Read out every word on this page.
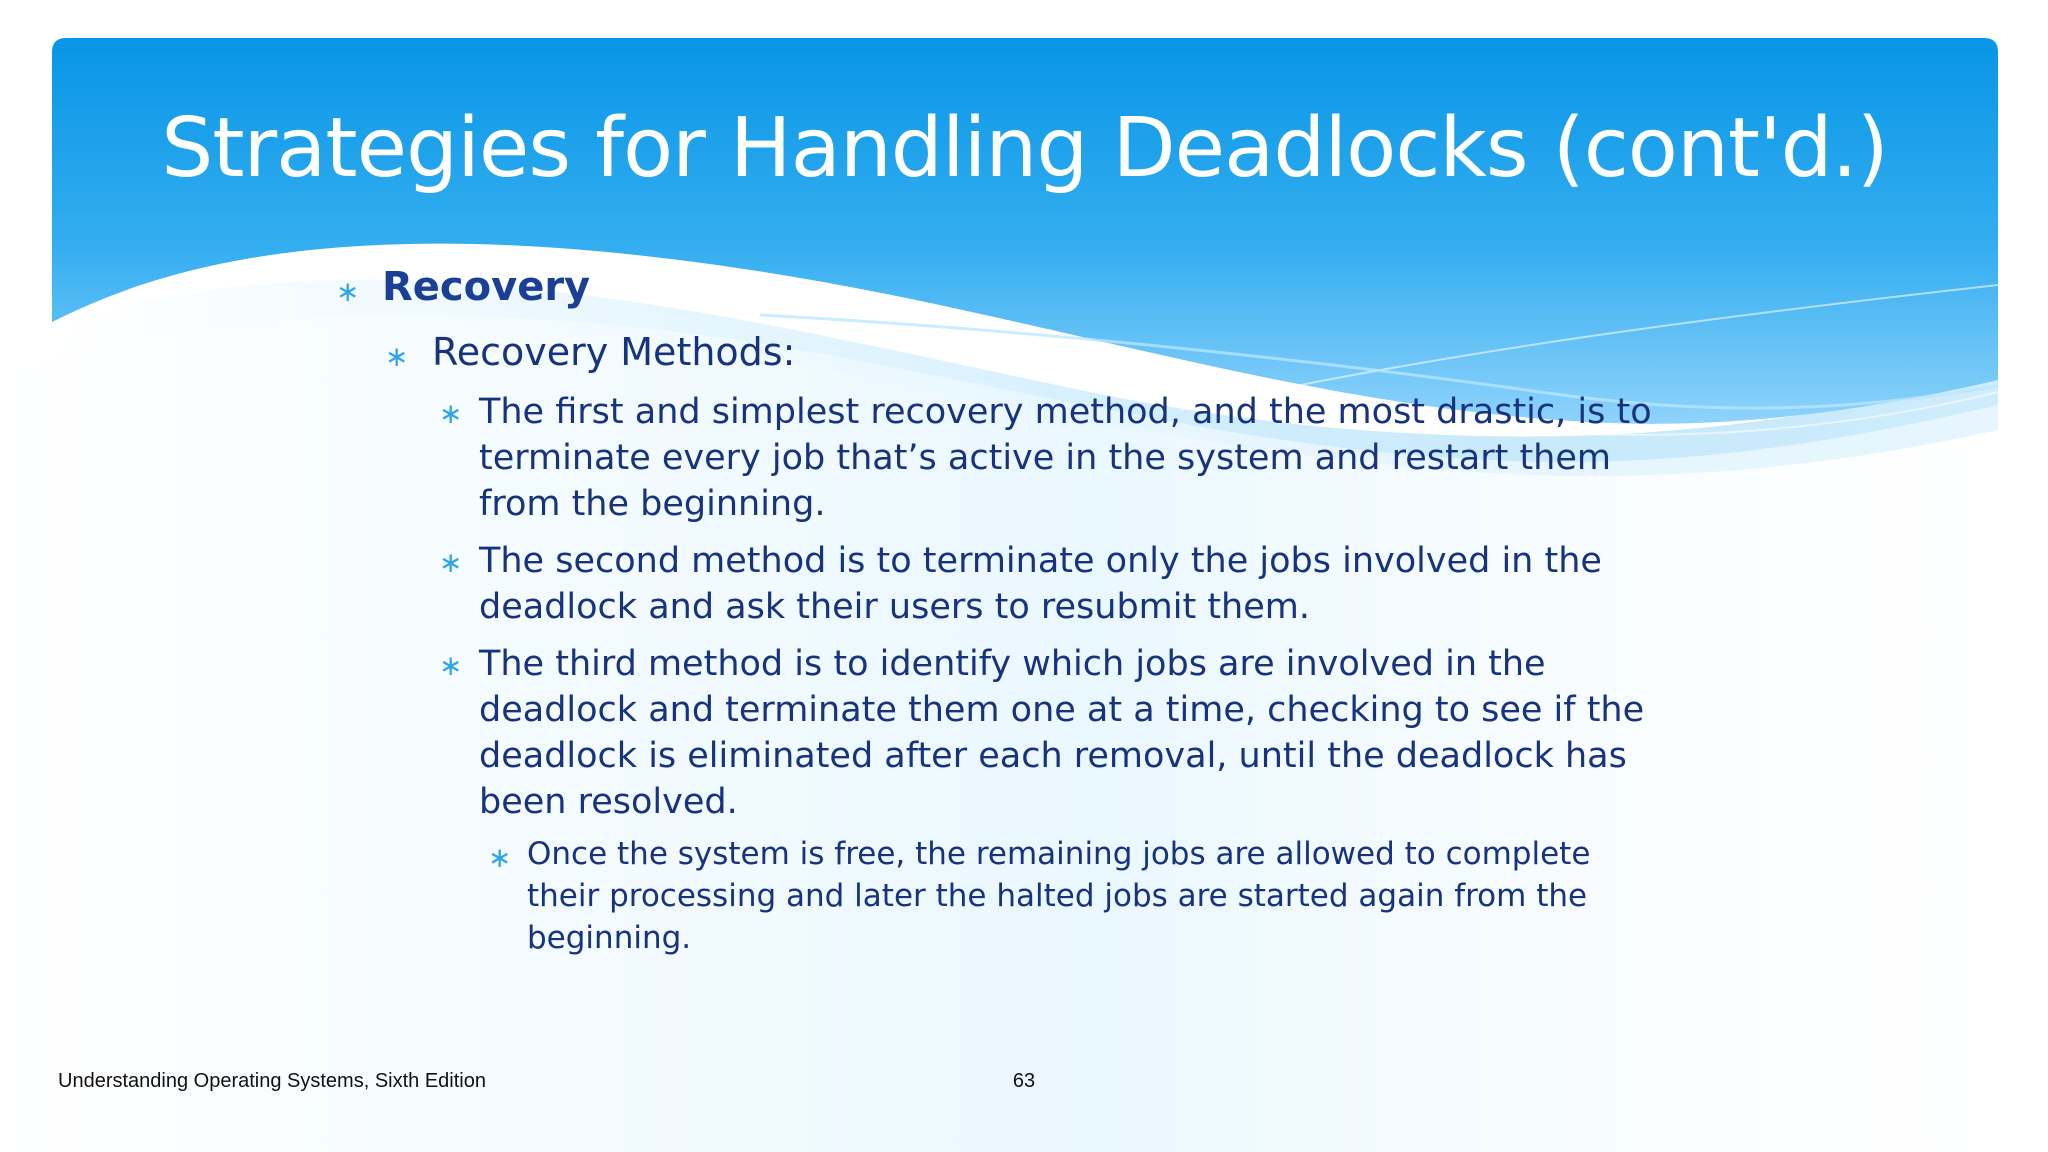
Strategies for Handling Deadlocks (cont'd.)
∗ Recovery
∗ Recovery Methods:
∗ The first and simplest recovery method, and the most drastic, is to
terminate every job that’s active in the system and restart them
from the beginning.
∗ The second method is to terminate only the jobs involved in the
deadlock and ask their users to resubmit them.
∗ The third method is to identify which jobs are involved in the
deadlock and terminate them one at a time, checking to see if the
deadlock is eliminated after each removal, until the deadlock has
been resolved.
∗ Once the system is free, the remaining jobs are allowed to complete
their processing and later the halted jobs are started again from the
beginning.
Understanding Operating Systems, Sixth Edition	63
